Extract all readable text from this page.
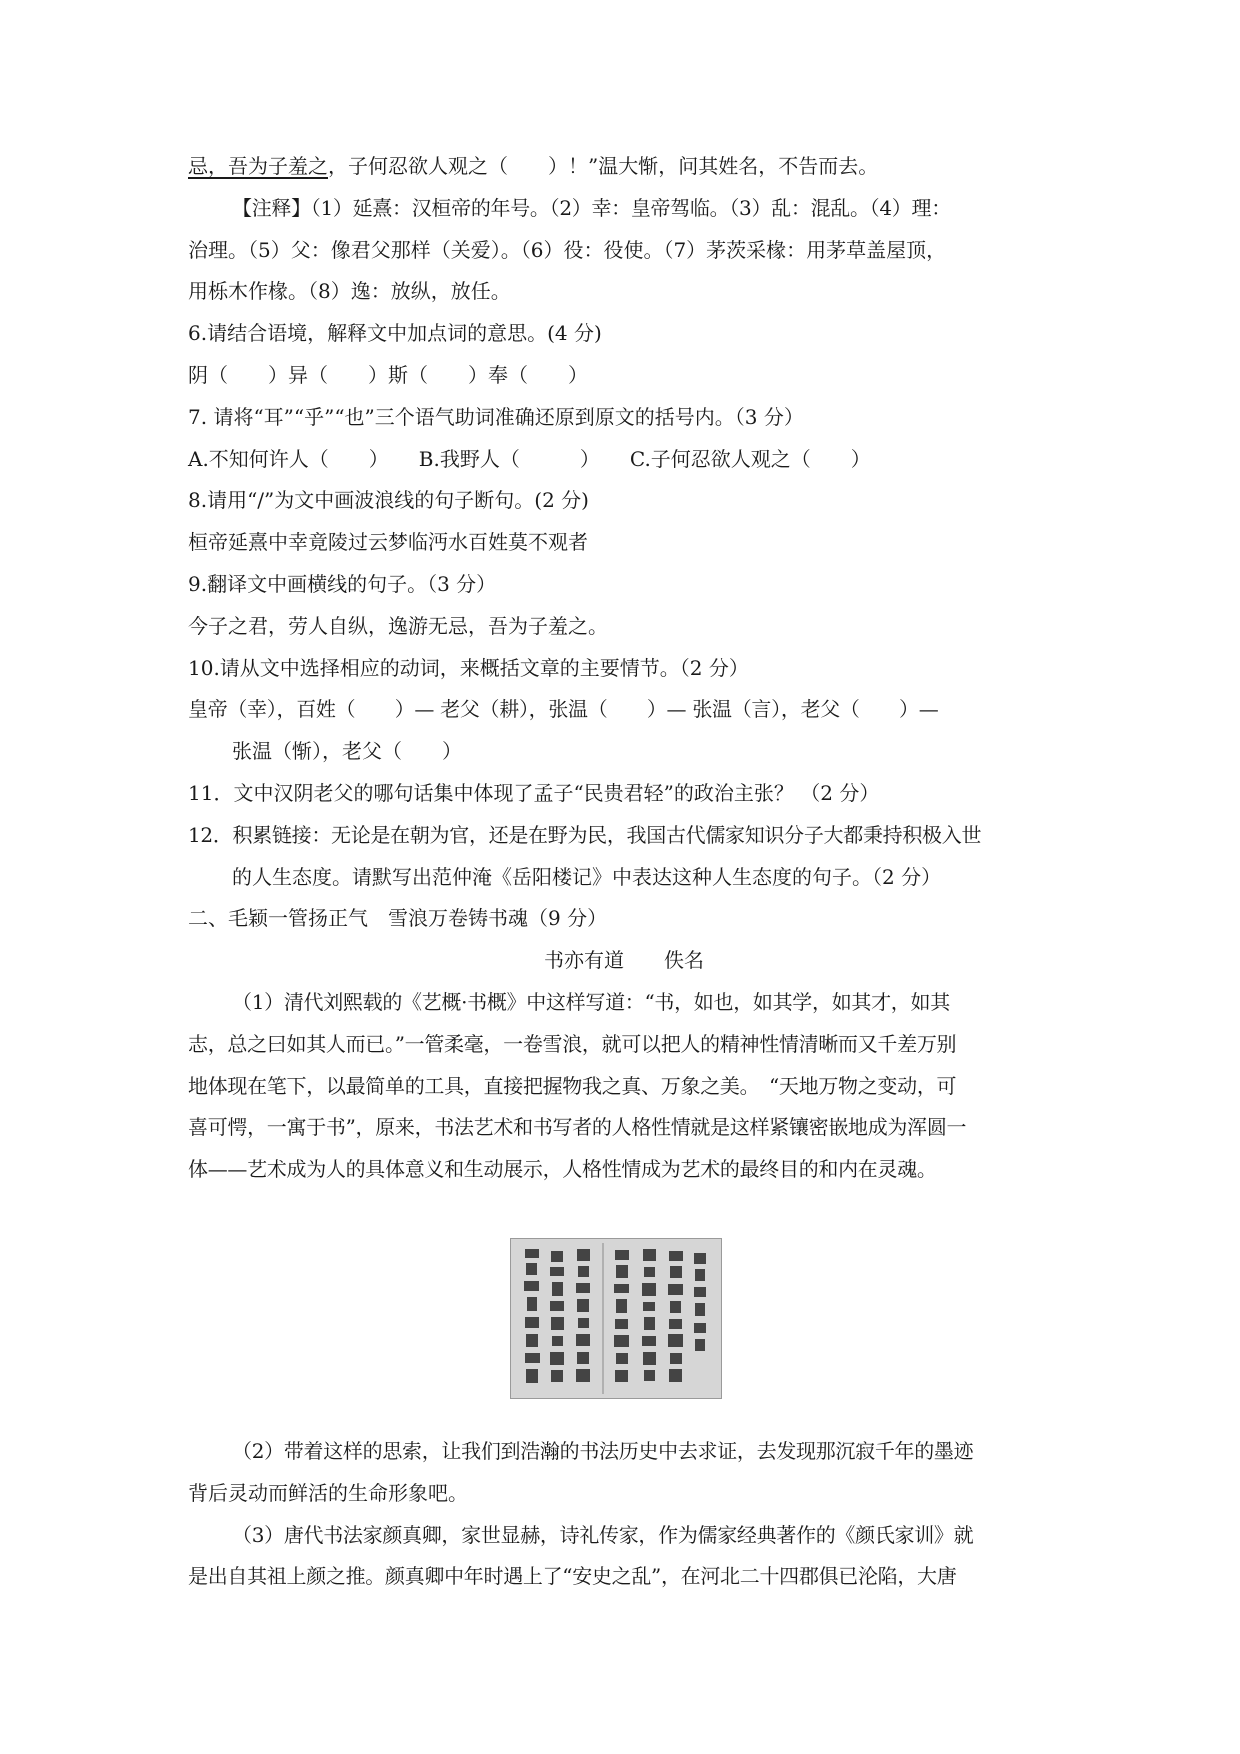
忌，吾为子羞之，子何忍欲人观之（　　）！”温大惭，问其姓名，不告而去。
【注释】（1）延熹：汉桓帝的年号。（2）幸：皇帝驾临。（3）乱：混乱。（4）理：
治理。（5）父：像君父那样（关爱）。（6）役：役使。（7）茅茨采椽：用茅草盖屋顶，
用栎木作椽。（8）逸：放纵，放任。
6.请结合语境，解释文中加点词的意思。(4 分)
阴（　　）异（　　）斯（　　）奉（　　）
7. 请将“耳”“乎”“也”三个语气助词准确还原到原文的括号内。（3 分）
A.不知何许人（　　）　　B.我野人（　　　）　　C.子何忍欲人观之（　　）
8.请用“/”为文中画波浪线的句子断句。(2 分)
桓帝延熹中幸竟陵过云梦临沔水百姓莫不观者
9.翻译文中画横线的句子。（3 分）
今子之君，劳人自纵，逸游无忌，吾为子羞之。
10.请从文中选择相应的动词，来概括文章的主要情节。（2 分）
皇帝（幸），百姓（　　）— 老父（耕），张温（　　）— 张温（言），老父（　　）—
张温（惭），老父（　　）
11．文中汉阴老父的哪句话集中体现了孟子“民贵君轻”的政治主张？ （2 分）
12．积累链接：无论是在朝为官，还是在野为民，我国古代儒家知识分子大都秉持积极入世
的人生态度。请默写出范仲淹《岳阳楼记》中表达这种人生态度的句子。（2 分）
二、毛颖一管扬正气　雪浪万卷铸书魂（9 分）
书亦有道　　佚名
（1）清代刘熙载的《艺概·书概》中这样写道：“书，如也，如其学，如其才，如其
志，总之曰如其人而已。”一管柔毫，一卷雪浪，就可以把人的精神性情清晰而又千差万别
地体现在笔下，以最简单的工具，直接把握物我之真、万象之美。　“天地万物之变动，可
喜可愕，一寓于书”，原来，书法艺术和书写者的人格性情就是这样紧镶密嵌地成为浑圆一
体——艺术成为人的具体意义和生动展示，人格性情成为艺术的最终目的和内在灵魂。
（2）带着这样的思索，让我们到浩瀚的书法历史中去求证，去发现那沉寂千年的墨迹
背后灵动而鲜活的生命形象吧。
（3）唐代书法家颜真卿，家世显赫，诗礼传家，作为儒家经典著作的《颜氏家训》就
是出自其祖上颜之推。颜真卿中年时遇上了“安史之乱”，在河北二十四郡俱已沦陷，大唐
